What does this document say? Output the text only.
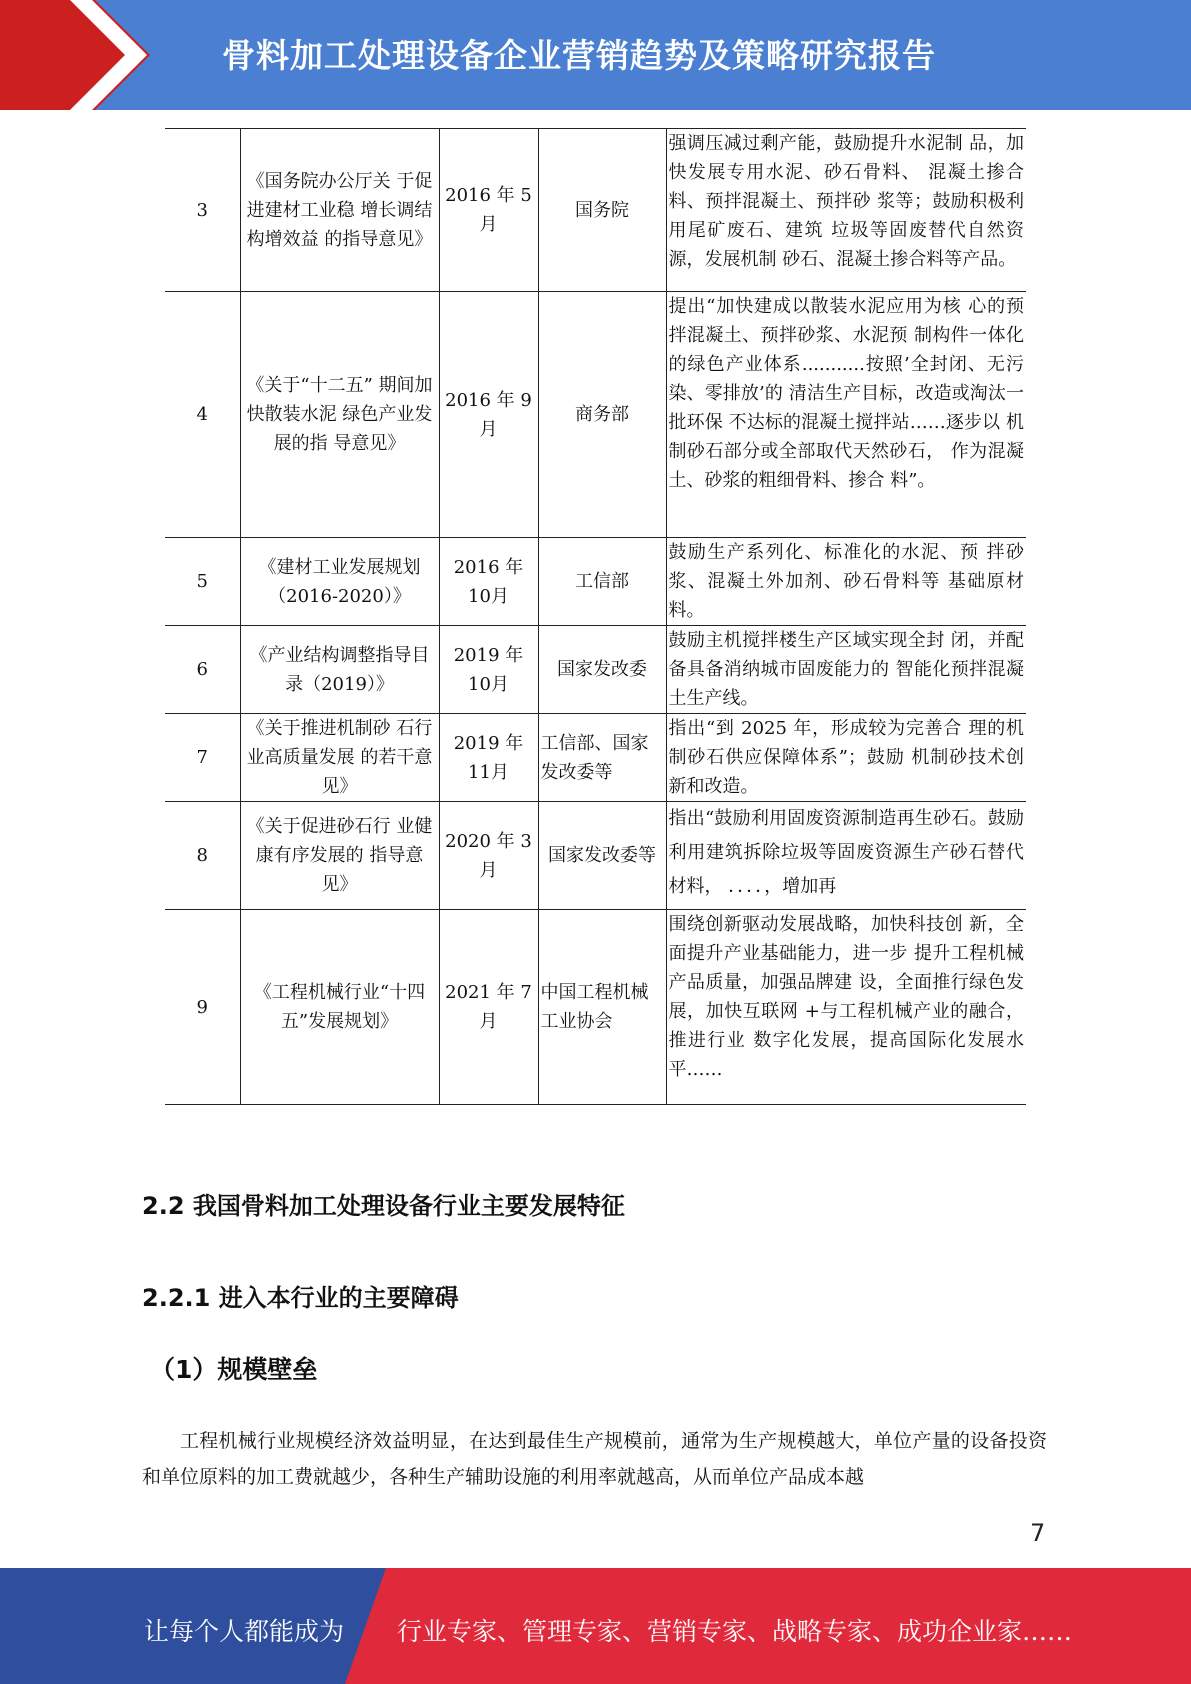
骨料加工处理设备企业营销趋势及策略研究报告
3	《国务院办公厅关 于促进建材工业稳 增长调结构增效益 的指导意见》	2016 年 5月	国务院	强调压减过剩产能，鼓励提升水泥制 品，加快发展专用水泥、砂石骨料、 混凝土掺合料、预拌混凝土、预拌砂 浆等；鼓励积极利用尾矿废石、建筑 垃圾等固废替代自然资源，发展机制 砂石、混凝土掺合料等产品。
4	《关于“十二五” 期间加快散装水泥 绿色产业发展的指 导意见》	2016 年 9月	商务部	提出“加快建成以散装水泥应用为核 心的预拌混凝土、预拌砂浆、水泥预 制构件一体化的绿色产业体系...........按照’全封闭、无污染、零排放’的 清洁生产目标，改造或淘汰一批环保 不达标的混凝土搅拌站……逐步以 机制砂石部分或全部取代天然砂石， 作为混凝土、砂浆的粗细骨料、掺合 料”。
5	《建材工业发展规划（2016-2020）》	2016 年 10月	工信部	鼓励生产系列化、标准化的水泥、预 拌砂浆、混凝土外加剂、砂石骨料等 基础原材料。
6	《产业结构调整指导目录（2019）》	2019 年 10月	国家发改委	鼓励主机搅拌楼生产区域实现全封 闭，并配备具备消纳城市固废能力的 智能化预拌混凝土生产线。
7	《关于推进机制砂 石行业高质量发展 的若干意见》	2019 年 11月	工信部、国家发改委等	指出“到 2025 年，形成较为完善合 理的机制砂石供应保障体系”；鼓励 机制砂技术创新和改造。
8	《关于促进砂石行 业健康有序发展的 指导意见》	2020 年 3月	国家发改委等	指出“鼓励利用固废资源制造再生砂石。鼓励利用建筑拆除垃圾等固废资源生产砂石替代材料， ．．．．，增加再
9	《工程机械行业“十四五”发展规划》	2021 年 7月	中国工程机械工业协会	围绕创新驱动发展战略，加快科技创 新，全面提升产业基础能力，进一步 提升工程机械产品质量，加强品牌建 设，全面推行绿色发展，加快互联网 +与工程机械产业的融合，推进行业 数字化发展，提高国际化发展水 平……
2.2 我国骨料加工处理设备行业主要发展特征
2.2.1 进入本行业的主要障碍
（1）规模壁垒

工程机械行业规模经济效益明显，在达到最佳生产规模前，通常为生产规模越大，单位产量的设备投资和单位原料的加工费就越少，各种生产辅助设施的利用率就越高，从而单位产品成本越

7
让每个人都能成为 行业专家、管理专家、营销专家、战略专家、成功企业家……
